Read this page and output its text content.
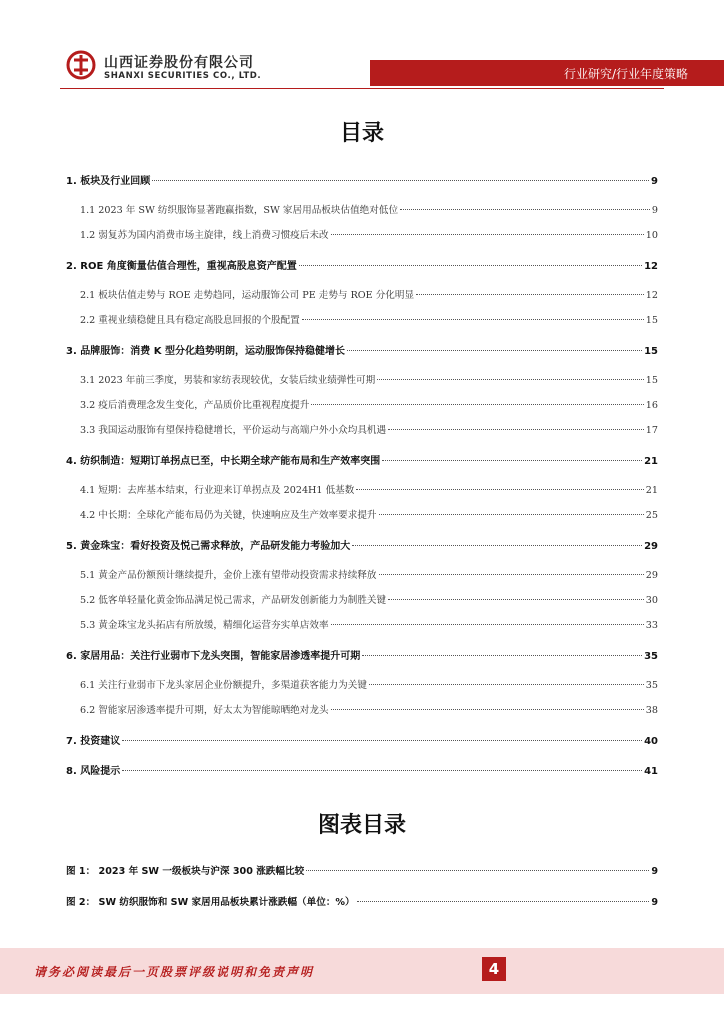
山西证券股份有限公司
SHANXI SECURITIES CO., LTD.	行业研究/行业年度策略
目录
1. 板块及行业回顾	9
1.1 2023 年 SW 纺织服饰显著跑赢指数，SW 家居用品板块估值绝对低位	9
1.2 弱复苏为国内消费市场主旋律，线上消费习惯疫后未改	10
2. ROE 角度衡量估值合理性，重视高股息资产配置	12
2.1 板块估值走势与 ROE 走势趋同，运动服饰公司 PE 走势与 ROE 分化明显	12
2.2 重视业绩稳健且具有稳定高股息回报的个股配置	15
3. 品牌服饰：消费 K 型分化趋势明朗，运动服饰保持稳健增长	15
3.1 2023 年前三季度，男装和家纺表现较优，女装后续业绩弹性可期	15
3.2 疫后消费理念发生变化，产品质价比重视程度提升	16
3.3 我国运动服饰有望保持稳健增长，平价运动与高端户外小众均具机遇	17
4. 纺织制造：短期订单拐点已至，中长期全球产能布局和生产效率突围	21
4.1 短期：去库基本结束，行业迎来订单拐点及 2024H1 低基数	21
4.2 中长期：全球化产能布局仍为关键，快速响应及生产效率要求提升	25
5. 黄金珠宝：看好投资及悦己需求释放，产品研发能力考验加大	29
5.1 黄金产品份额预计继续提升，金价上涨有望带动投资需求持续释放	29
5.2 低客单轻量化黄金饰品满足悦己需求，产品研发创新能力为制胜关键	30
5.3 黄金珠宝龙头拓店有所放缓，精细化运营夯实单店效率	33
6. 家居用品：关注行业弱市下龙头突围，智能家居渗透率提升可期	35
6.1 关注行业弱市下龙头家居企业份额提升，多渠道获客能力为关键	35
6.2 智能家居渗透率提升可期，好太太为智能晾晒绝对龙头	38
7. 投资建议	40
8. 风险提示	41
图表目录
图 1： 2023 年 SW 一级板块与沪深 300 涨跌幅比较	9
图 2： SW 纺织服饰和 SW 家居用品板块累计涨跌幅（单位：%）	9
请务必阅读最后一页股票评级说明和免责声明	4
